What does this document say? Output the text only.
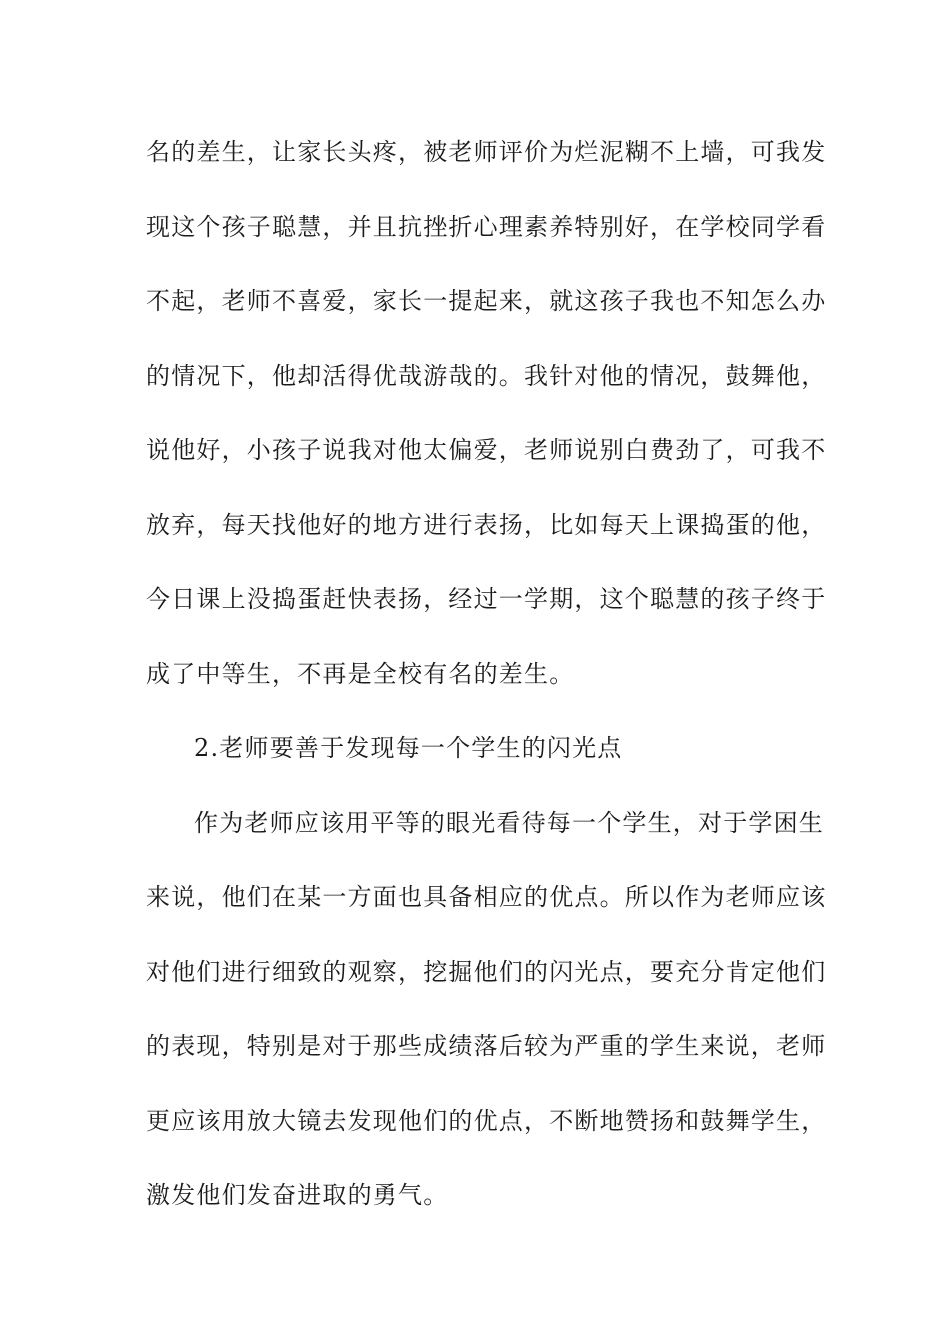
名的差生，让家长头疼，被老师评价为烂泥糊不上墙，可我发
现这个孩子聪慧，并且抗挫折心理素养特别好，在学校同学看
不起，老师不喜爱，家长一提起来，就这孩子我也不知怎么办
的情况下，他却活得优哉游哉的。我针对他的情况，鼓舞他，
说他好，小孩子说我对他太偏爱，老师说别白费劲了，可我不
放弃，每天找他好的地方进行表扬，比如每天上课捣蛋的他，
今日课上没捣蛋赶快表扬，经过一学期，这个聪慧的孩子终于
成了中等生，不再是全校有名的差生。
2.老师要善于发现每一个学生的闪光点
作为老师应该用平等的眼光看待每一个学生，对于学困生
来说，他们在某一方面也具备相应的优点。所以作为老师应该
对他们进行细致的观察，挖掘他们的闪光点，要充分肯定他们
的表现，特别是对于那些成绩落后较为严重的学生来说，老师
更应该用放大镜去发现他们的优点，不断地赞扬和鼓舞学生，
激发他们发奋进取的勇气。
